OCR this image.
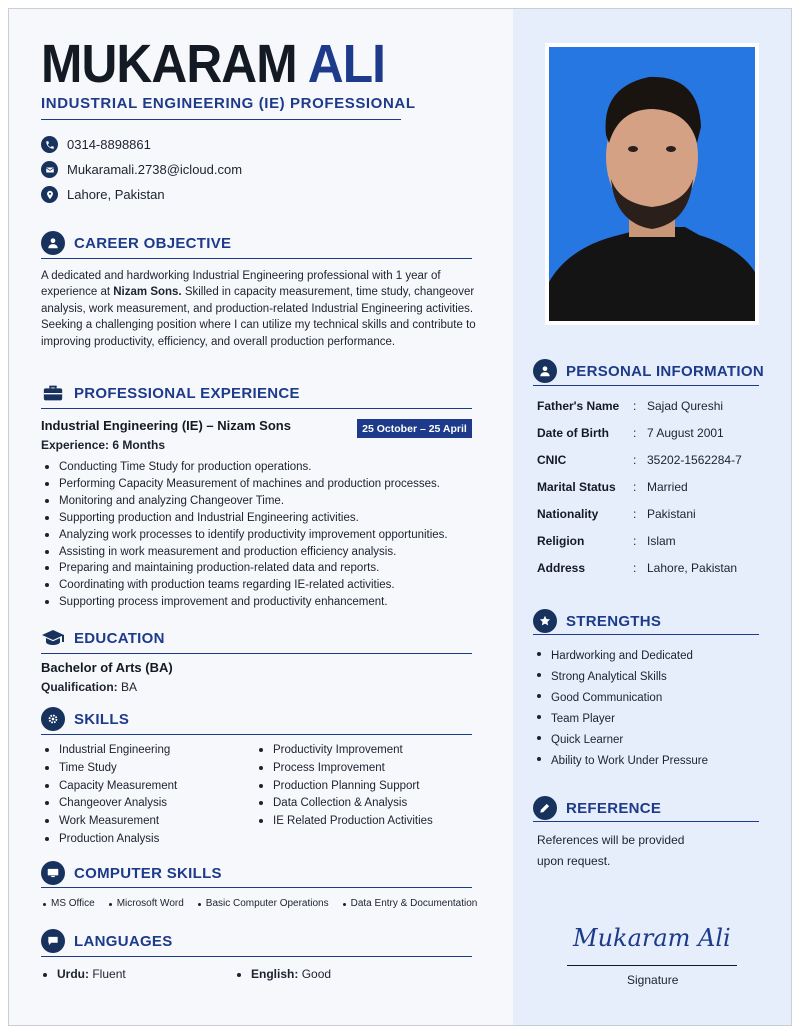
MUKARAM ALI
INDUSTRIAL ENGINEERING (IE) PROFESSIONAL
0314-8898861
Mukaramali.2738@icloud.com
Lahore, Pakistan
CAREER OBJECTIVE
A dedicated and hardworking Industrial Engineering professional with 1 year of experience at Nizam Sons. Skilled in capacity measurement, time study, changeover analysis, work measurement, and production-related Industrial Engineering activities. Seeking a challenging position where I can utilize my technical skills and contribute to improving productivity, efficiency, and overall production performance.
PROFESSIONAL EXPERIENCE
Industrial Engineering (IE) – Nizam Sons	25 October – 25 April
Experience: 6 Months
Conducting Time Study for production operations.
Performing Capacity Measurement of machines and production processes.
Monitoring and analyzing Changeover Time.
Supporting production and Industrial Engineering activities.
Analyzing work processes to identify productivity improvement opportunities.
Assisting in work measurement and production efficiency analysis.
Preparing and maintaining production-related data and reports.
Coordinating with production teams regarding IE-related activities.
Supporting process improvement and productivity enhancement.
EDUCATION
Bachelor of Arts (BA)
Qualification: BA
SKILLS
Industrial Engineering
Time Study
Capacity Measurement
Changeover Analysis
Work Measurement
Production Analysis
Productivity Improvement
Process Improvement
Production Planning Support
Data Collection & Analysis
IE Related Production Activities
COMPUTER SKILLS
MS Office	Microsoft Word	Basic Computer Operations	Data Entry & Documentation
LANGUAGES
Urdu: Fluent	English: Good
PERSONAL INFORMATION
Father's Name	: Sajad Qureshi
Date of Birth	: 7 August 2001
CNIC	: 35202-1562284-7
Marital Status	: Married
Nationality	: Pakistani
Religion	: Islam
Address	: Lahore, Pakistan
STRENGTHS
Hardworking and Dedicated
Strong Analytical Skills
Good Communication
Team Player
Quick Learner
Ability to Work Under Pressure
REFERENCE
References will be provided
upon request.
Mukaram Ali
Signature
